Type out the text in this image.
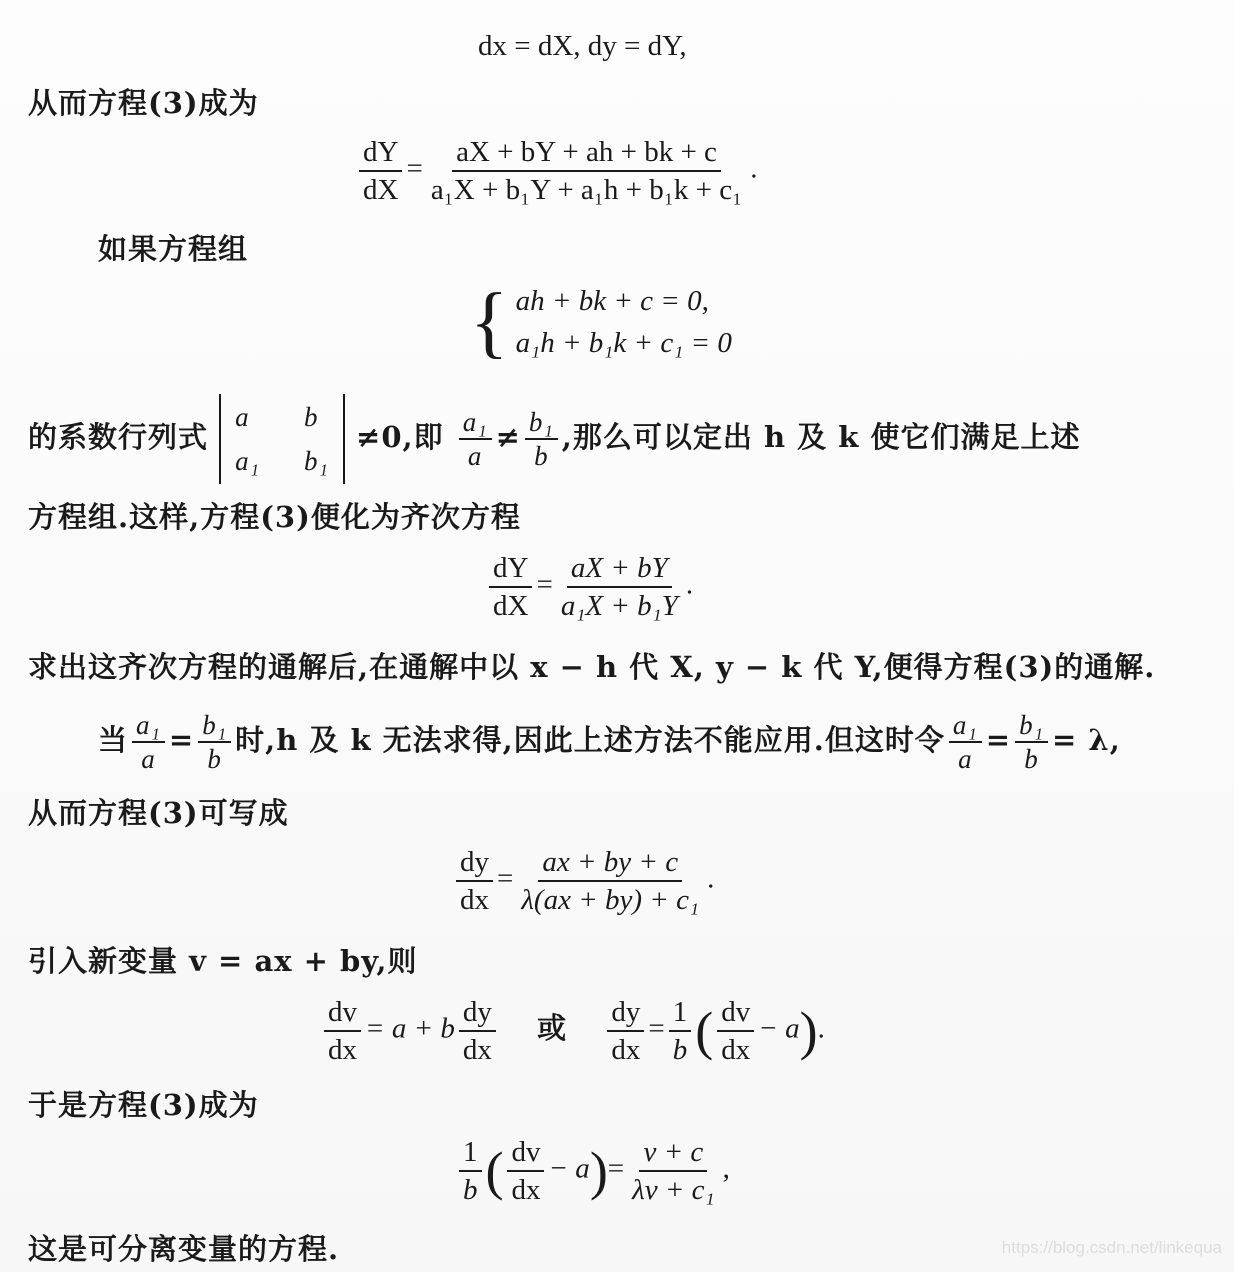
dx = dX, dy = dY,
从而方程(3)成为
$\frac{dY}{dX} = \frac{aX + bY + ah + bk + c}{\text{a₁X + b₁Y + a₁h + b₁k + c₁}}$ .
如果方程组
{ ah + bk + c = 0,
a₁h + b₁k + c₁ = 0
的系数行列式
a	b
a₁ b₁
≠0,即 $\frac{\text{a₁}}{a} \ne \frac{\text{b₁}}{b}$ ,那么可以定出 h 及 k 使它们满足上述
方程组.这样,方程(3)便化为齐次方程
$\frac{dY}{dX} = \frac{aX + bY}{\text{a₁X + b₁Y}}$ .
求出这齐次方程的通解后,在通解中以 x − h 代 X, y − k 代 Y,便得方程(3)的通解.
当 $\frac{\text{a₁}}{a} = \frac{\text{b₁}}{b}$ 时,h 及 k 无法求得,因此上述方法不能应用.但这时令 $\frac{\text{a₁}}{a} = \frac{\text{b₁}}{b} = \lambda$,
从而方程(3)可写成
$\frac{dy}{dx} = \frac{ax + by + c}{\text{λ(ax + by) + c₁}}$ .
引入新变量 v = ax + by,则
$\frac{dv}{dx} = a + b \frac{dy}{dx}$ 或 $\frac{dy}{dx} = \frac{1}{b}$ ( $\frac{dv}{dx} - a$).
于是方程(3)成为
$\frac{1}{b}$ ( $\frac{dv}{dx} - a)= \frac{v + c}{\text{λv + c₁}}$ ,
这是可分离变量的方程.	https://blog.csdn.net/linkequa
